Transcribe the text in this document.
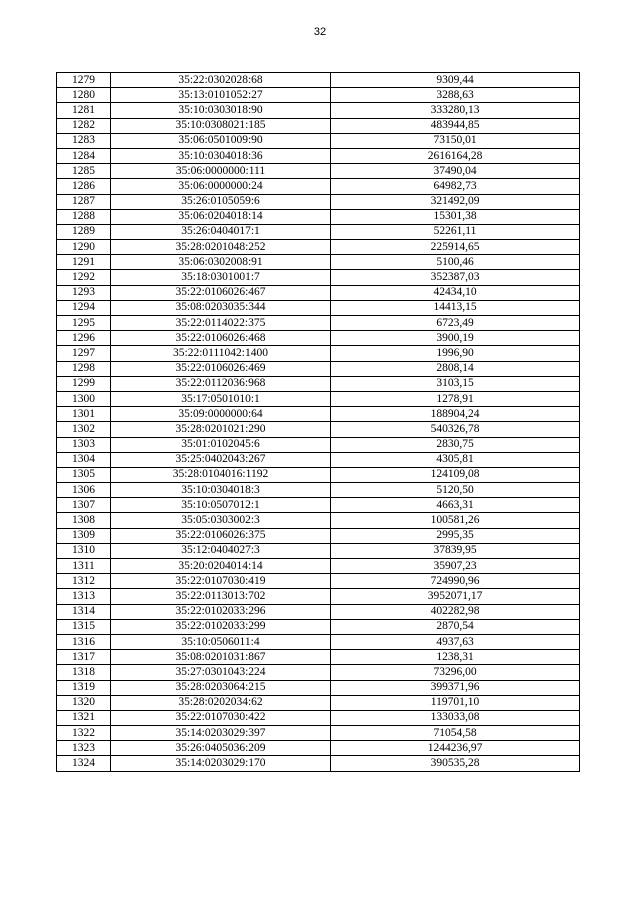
32
1279	35:22:0302028:68	9309,44
1280	35:13:0101052:27	3288,63
1281	35:10:0303018:90	333280,13
1282	35:10:0308021:185	483944,85
1283	35:06:0501009:90	73150,01
1284	35:10:0304018:36	2616164,28
1285	35:06:0000000:111	37490,04
1286	35:06:0000000:24	64982,73
1287	35:26:0105059:6	321492,09
1288	35:06:0204018:14	15301,38
1289	35:26:0404017:1	52261,11
1290	35:28:0201048:252	225914,65
1291	35:06:0302008:91	5100,46
1292	35:18:0301001:7	352387,03
1293	35:22:0106026:467	42434,10
1294	35:08:0203035:344	14413,15
1295	35:22:0114022:375	6723,49
1296	35:22:0106026:468	3900,19
1297	35:22:0111042:1400	1996,90
1298	35:22:0106026:469	2808,14
1299	35:22:0112036:968	3103,15
1300	35:17:0501010:1	1278,91
1301	35:09:0000000:64	188904,24
1302	35:28:0201021:290	540326,78
1303	35:01:0102045:6	2830,75
1304	35:25:0402043:267	4305,81
1305	35:28:0104016:1192	124109,08
1306	35:10:0304018:3	5120,50
1307	35:10:0507012:1	4663,31
1308	35:05:0303002:3	100581,26
1309	35:22:0106026:375	2995,35
1310	35:12:0404027:3	37839,95
1311	35:20:0204014:14	35907,23
1312	35:22:0107030:419	724990,96
1313	35:22:0113013:702	3952071,17
1314	35:22:0102033:296	402282,98
1315	35:22:0102033:299	2870,54
1316	35:10:0506011:4	4937,63
1317	35:08:0201031:867	1238,31
1318	35:27:0301043:224	73296,00
1319	35:28:0203064:215	399371,96
1320	35:28:0202034:62	119701,10
1321	35:22:0107030:422	133033,08
1322	35:14:0203029:397	71054,58
1323	35:26:0405036:209	1244236,97
1324	35:14:0203029:170	390535,28
